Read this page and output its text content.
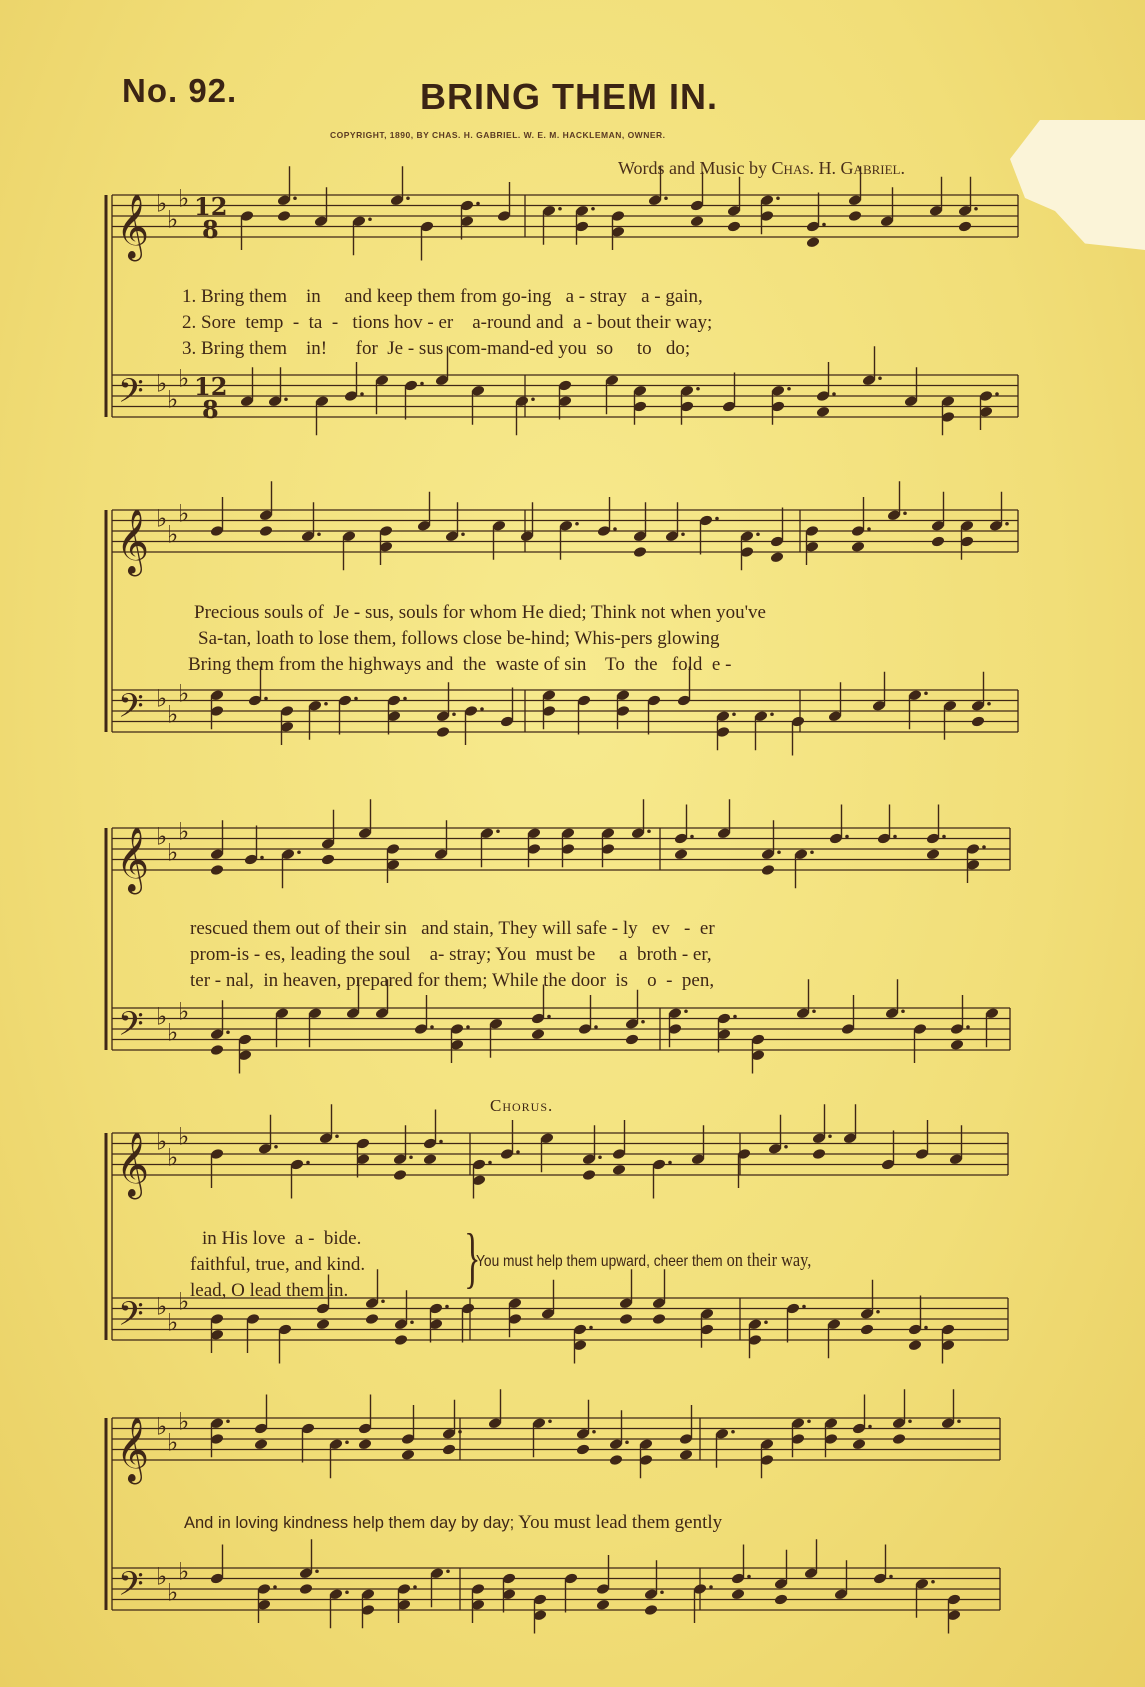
No. 92.	BRING THEM IN.
COPYRIGHT, 1890, BY CHAS. H. GABRIEL. W. E. M. HACKLEMAN, OWNER.
Words and Music by Chas. H. Gabriel.
𝄞 ♭
♭
♭ 12
8
𝄢 ♭
♭
♭ 12
8
𝄞 ♭
♭
♭
𝄢 ♭
♭
♭
𝄞 ♭
♭
♭
𝄢 ♭
♭
♭
𝄞 ♭
♭
♭
𝄢 ♭
♭
♭
𝄞 ♭
♭
♭
𝄢 ♭
♭
♭
1. Bring them    in     and keep them from go-ing   a - stray   a - gain,
2. Sore  temp  -  ta  -   tions hov - er    a-round and  a - bout their way;
3. Bring them    in!      for  Je - sus com-mand-ed you  so     to   do;
Precious souls of  Je - sus, souls for whom He died; Think not when you've
Sa-tan, loath to lose them, follows close be-hind; Whis-pers glowing
Bring them from the highways and  the  waste of sin    To  the   fold  e -
rescued them out of their sin   and stain, They will safe - ly   ev   -  er
prom-is - es, leading the soul    a- stray; You  must be     a  broth - er,
ter - nal,  in heaven, prepared for them; While the door  is    o  -  pen,
Chorus.
in His love  a -  bide.
faithful, true, and kind.
lead, O lead them in. }
You must help them upward, cheer them on their way,
And in loving kindness help them day by day; You must lead them gently
